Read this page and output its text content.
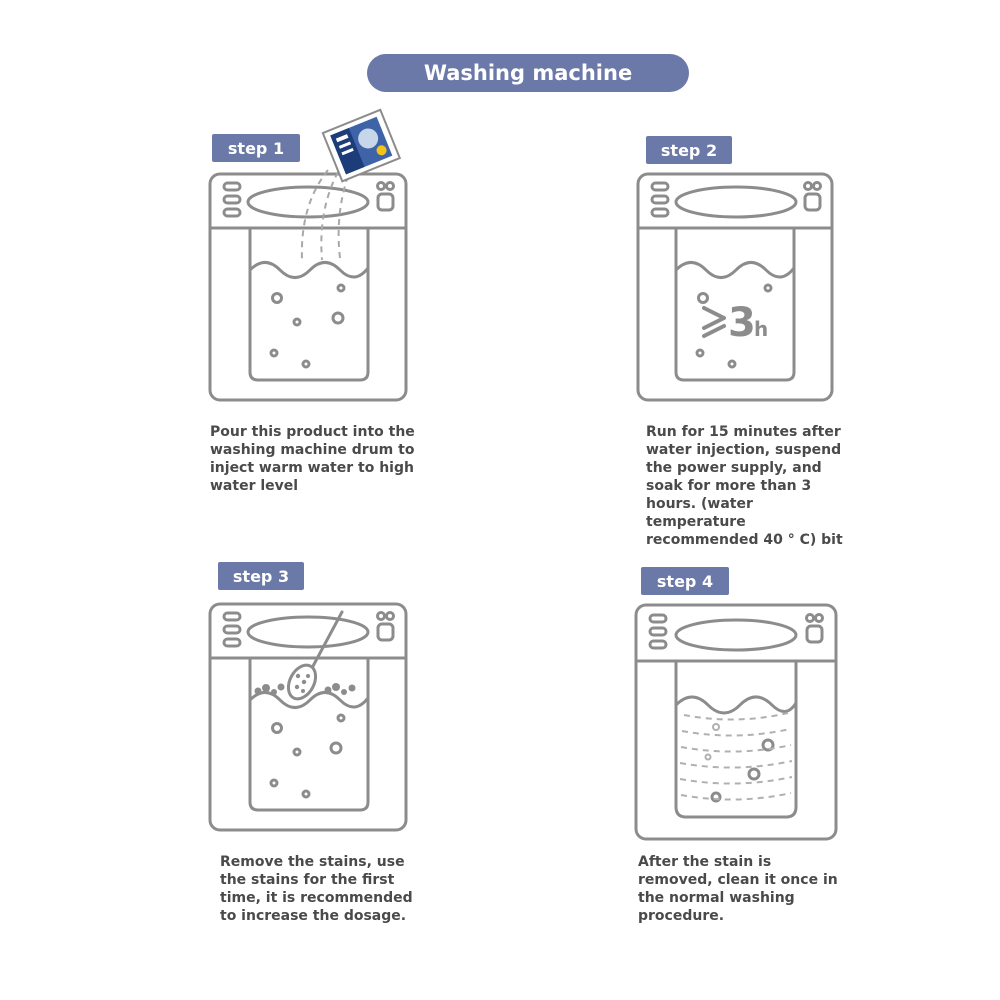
Washing machine
step 1	step 2
step 3	step 4
3
h
Pour this product into the washing machine drum to inject warm water to high water level
Run for 15 minutes after water injection, suspend the power supply, and soak for more than 3 hours. (water temperature recommended 40 ° C) bit
Remove the stains, use the stains for the first time, it is recommended to increase the dosage.
After the stain is removed, clean it once in the normal washing procedure.
